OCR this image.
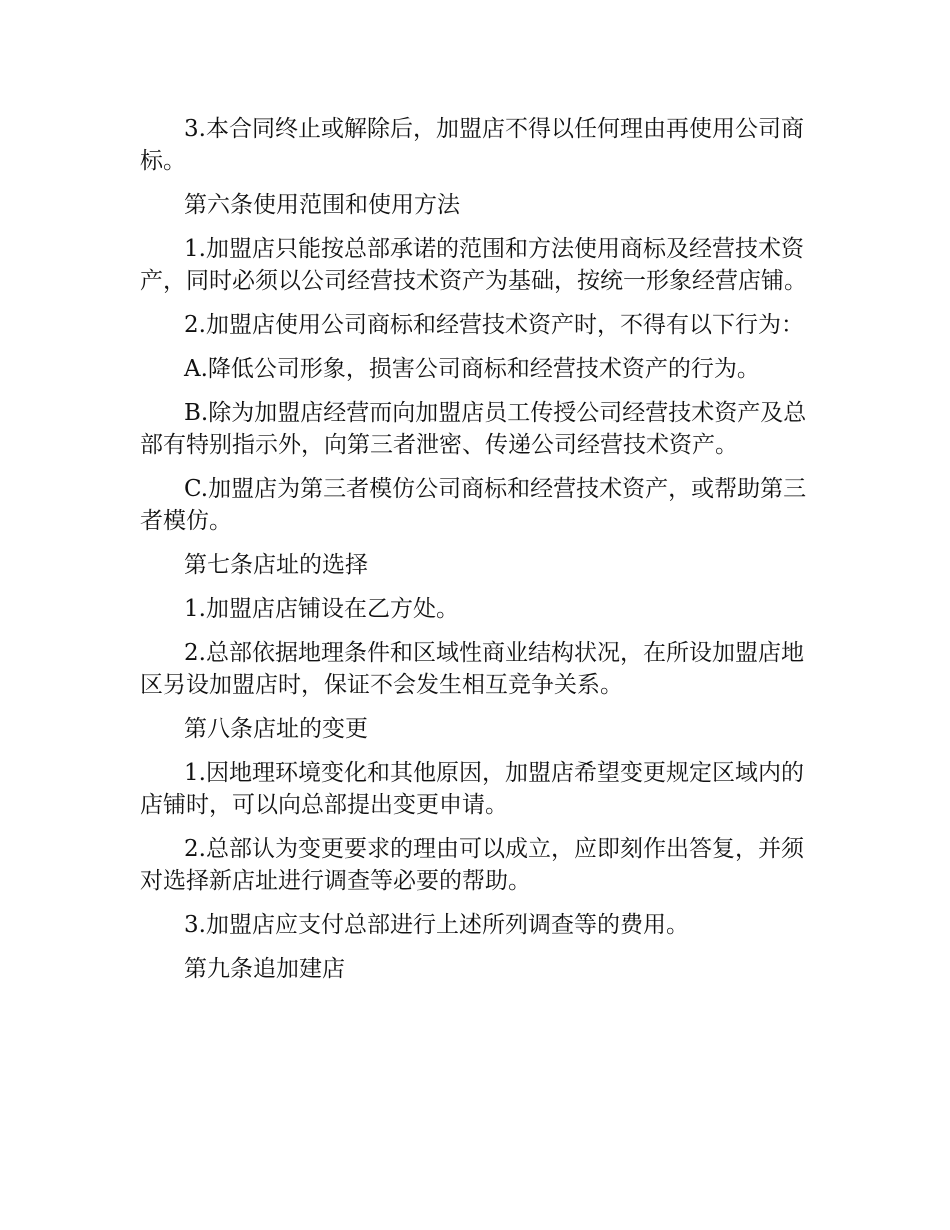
3.本合同终止或解除后，加盟店不得以任何理由再使用公司商标。

第六条使用范围和使用方法

1.加盟店只能按总部承诺的范围和方法使用商标及经营技术资产，同时必须以公司经营技术资产为基础，按统一形象经营店铺。

2.加盟店使用公司商标和经营技术资产时，不得有以下行为：

A.降低公司形象，损害公司商标和经营技术资产的行为。

B.除为加盟店经营而向加盟店员工传授公司经营技术资产及总部有特别指示外，向第三者泄密、传递公司经营技术资产。

C.加盟店为第三者模仿公司商标和经营技术资产，或帮助第三者模仿。

第七条店址的选择

1.加盟店店铺设在乙方处。

2.总部依据地理条件和区域性商业结构状况，在所设加盟店地区另设加盟店时，保证不会发生相互竞争关系。

第八条店址的变更

1.因地理环境变化和其他原因，加盟店希望变更规定区域内的店铺时，可以向总部提出变更申请。

2.总部认为变更要求的理由可以成立，应即刻作出答复，并须对选择新店址进行调查等必要的帮助。

3.加盟店应支付总部进行上述所列调查等的费用。

第九条追加建店
